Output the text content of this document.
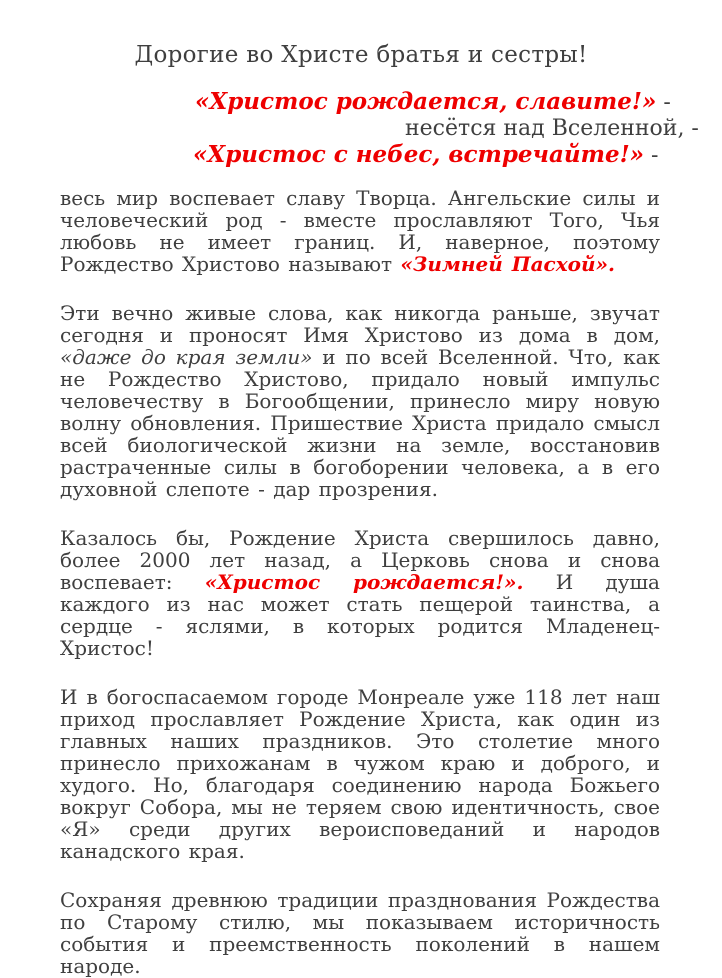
Дорогие во Христе братья и сестры!
«Христос рождается, славите!» -
несётся над Вселенной, -
«Христос с небес, встречайте!» -

весь мир воспевает славу Творца. Ангельские силы и человеческий род - вместе прославляют Того, Чья любовь не имеет границ. И, наверное, поэтому Рождество Христово называют «Зимней Пасхой».

Эти вечно живые слова, как никогда раньше, звучат сегодня и проносят Имя Христово из дома в дом, «даже до края земли» и по всей Вселенной. Что, как не Рождество Христово, придало новый импульс человечеству в Богообщении, принесло миру новую волну обновления. Пришествие Христа придало смысл всей биологической жизни на земле, восстановив растраченные силы в богоборении человека, а в его духовной слепоте - дар прозрения.

Казалось бы, Рождение Христа свершилось давно, более 2000 лет назад, а Церковь снова и снова воспевает: «Христос рождается!». И душа каждого из нас может стать пещерой таинства, а сердце - яслями, в которых родится Младенец-Христос!

И в богоспасаемом городе Монреале уже 118 лет наш приход прославляет Рождение Христа, как один из главных наших праздников. Это столетие много принесло прихожанам в чужом краю и доброго, и худого. Но, благодаря соединению народа Божьего вокруг Собора, мы не теряем свою идентичность, свое «Я» среди других вероисповеданий и народов канадского края.

Сохраняя древнюю традиции празднования Рождества по Старому стилю, мы показываем историчность события и преемственность поколений в нашем народе.
